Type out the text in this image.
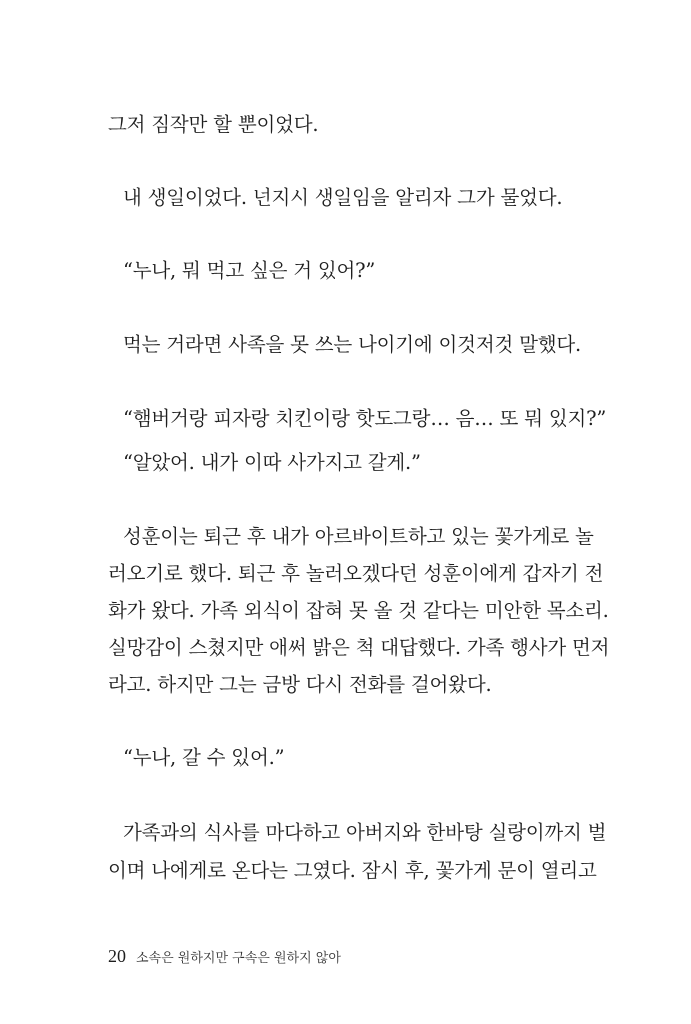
그저 짐작만 할 뿐이었다.
내 생일이었다. 넌지시 생일임을 알리자 그가 물었다.
“누나, 뭐 먹고 싶은 거 있어?”
먹는 거라면 사족을 못 쓰는 나이기에 이것저것 말했다.
“햄버거랑 피자랑 치킨이랑 핫도그랑… 음… 또 뭐 있지?”
“알았어. 내가 이따 사가지고 갈게.”
성훈이는 퇴근 후 내가 아르바이트하고 있는 꽃가게로 놀
러오기로 했다. 퇴근 후 놀러오겠다던 성훈이에게 갑자기 전
화가 왔다. 가족 외식이 잡혀 못 올 것 같다는 미안한 목소리.
실망감이 스쳤지만 애써 밝은 척 대답했다. 가족 행사가 먼저
라고. 하지만 그는 금방 다시 전화를 걸어왔다.
“누나, 갈 수 있어.”
가족과의 식사를 마다하고 아버지와 한바탕 실랑이까지 벌
이며 나에게로 온다는 그였다. 잠시 후, 꽃가게 문이 열리고
20 소속은 원하지만 구속은 원하지 않아
